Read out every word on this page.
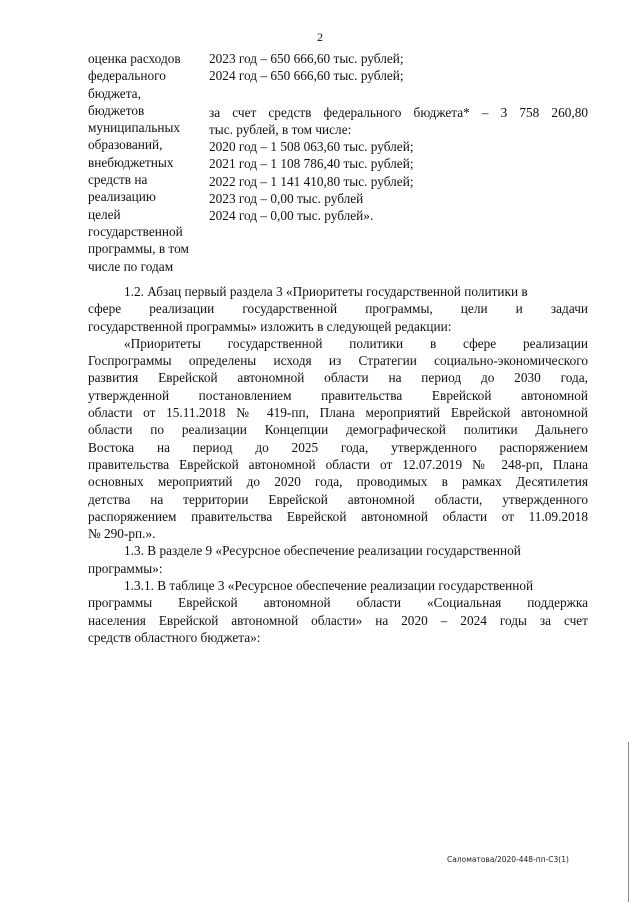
2
оценка расходов
федерального
бюджета,
бюджетов
муниципальных
образований,
внебюджетных
средств на
реализацию
целей
государственной
программы, в том
числе по годам
2023 год – 650 666,60 тыс. рублей;
2024 год – 650 666,60 тыс. рублей;
за счет средств федерального бюджета* – 3 758 260,80
тыс. рублей, в том числе:
2020 год – 1 508 063,60 тыс. рублей;
2021 год – 1 108 786,40 тыс. рублей;
2022 год – 1 141 410,80 тыс. рублей;
2023 год – 0,00 тыс. рублей
2024 год – 0,00 тыс. рублей».
1.2. Абзац первый раздела 3 «Приоритеты государственной политики в
сфере реализации государственной программы, цели и задачи
государственной программы» изложить в следующей редакции:
«Приоритеты государственной политики в сфере реализации
Госпрограммы определены исходя из Стратегии социально-экономического
развития Еврейской автономной области на период до 2030 года,
утвержденной постановлением правительства Еврейской автономной
области от 15.11.2018 № 419-пп, Плана мероприятий Еврейской автономной
области по реализации Концепции демографической политики Дальнего
Востока на период до 2025 года, утвержденного распоряжением
правительства Еврейской автономной области от 12.07.2019 № 248-рп, Плана
основных мероприятий до 2020 года, проводимых в рамках Десятилетия
детства на территории Еврейской автономной области, утвержденного
распоряжением правительства Еврейской автономной области от 11.09.2018
№ 290-рп.».
1.3. В разделе 9 «Ресурсное обеспечение реализации государственной
программы»:
1.3.1. В таблице 3 «Ресурсное обеспечение реализации государственной
программы Еврейской автономной области «Социальная поддержка
населения Еврейской автономной области» на 2020 – 2024 годы за счет
средств областного бюджета»:
Саломатова/2020-448-пп-С3(1)
